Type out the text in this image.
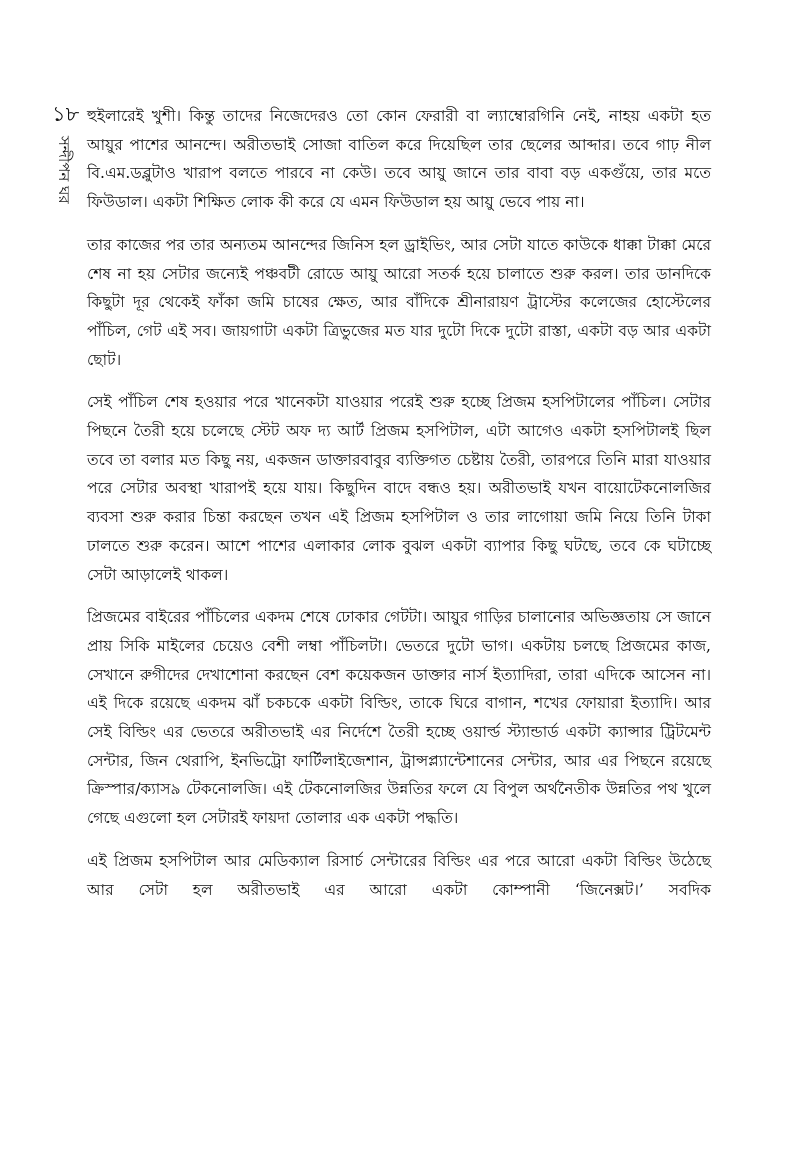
১৮
সন্দীপন ঘর

হুইলারেই খুশী। কিন্তু তাদের নিজেদেরও তো কোন ফেরারী বা ল্যাম্বোরগিনি নেই, নাহয় একটা হত আয়ুর পাশের আনন্দে। অরীতভাই সোজা বাতিল করে দিয়েছিল তার ছেলের আব্দার। তবে গাঢ় নীল বি.এম.ডব্লুটাও খারাপ বলতে পারবে না কেউ। তবে আয়ু জানে তার বাবা বড় একগুঁয়ে, তার মতে ফিউডাল। একটা শিক্ষিত লোক কী করে যে এমন ফিউডাল হয় আয়ু ভেবে পায় না।

তার কাজের পর তার অন্যতম আনন্দের জিনিস হল ড্রাইভিং, আর সেটা যাতে কাউকে ধাক্কা টাক্কা মেরে শেষ না হয় সেটার জন্যেই পঞ্চবটী রোডে আয়ু আরো সতর্ক হয়ে চালাতে শুরু করল। তার ডানদিকে কিছুটা দূর থেকেই ফাঁকা জমি চাষের ক্ষেত, আর বাঁদিকে শ্রীনারায়ণ ট্রাস্টের কলেজের হোস্টেলের পাঁচিল, গেট এই সব। জায়গাটা একটা ত্রিভুজের মত যার দুটো দিকে দুটো রাস্তা, একটা বড় আর একটা ছোট।

সেই পাঁচিল শেষ হওয়ার পরে খানেকটা যাওয়ার পরেই শুরু হচ্ছে প্রিজম হসপিটালের পাঁচিল। সেটার পিছনে তৈরী হয়ে চলেছে স্টেট অফ দ্য আর্ট প্রিজম হসপিটাল, এটা আগেও একটা হসপিটালই ছিল তবে তা বলার মত কিছু নয়, একজন ডাক্তারবাবুর ব্যক্তিগত চেষ্টায় তৈরী, তারপরে তিনি মারা যাওয়ার পরে সেটার অবস্থা খারাপই হয়ে যায়। কিছুদিন বাদে বন্ধও হয়। অরীতভাই যখন বায়োটেকনোলজির ব্যবসা শুরু করার চিন্তা করছেন তখন এই প্রিজম হসপিটাল ও তার লাগোয়া জমি নিয়ে তিনি টাকা ঢালতে শুরু করেন। আশে পাশের এলাকার লোক বুঝল একটা ব্যাপার কিছু ঘটছে, তবে কে ঘটাচ্ছে সেটা আড়ালেই থাকল।

প্রিজমের বাইরের পাঁচিলের একদম শেষে ঢোকার গেটটা। আয়ুর গাড়ির চালানোর অভিজ্ঞতায় সে জানে প্রায় সিকি মাইলের চেয়েও বেশী লম্বা পাঁচিলটা। ভেতরে দুটো ভাগ। একটায় চলছে প্রিজমের কাজ, সেখানে রুগীদের দেখাশোনা করছেন বেশ কয়েকজন ডাক্তার নার্স ইত্যাদিরা, তারা এদিকে আসেন না। এই দিকে রয়েছে একদম ঝাঁ চকচকে একটা বিল্ডিং, তাকে ঘিরে বাগান, শখের ফোয়ারা ইত্যাদি। আর সেই বিল্ডিং এর ভেতরে অরীতভাই এর নির্দেশে তৈরী হচ্ছে ওয়ার্ল্ড স্ট্যান্ডার্ড একটা ক্যান্সার ট্রিটমেন্ট সেন্টার, জিন থেরাপি, ইনভিট্রো ফার্টিলাইজেশান, ট্রান্সপ্ল্যান্টেশানের সেন্টার, আর এর পিছনে রয়েছে ক্রিস্পার/ক্যাস৯ টেকনোলজি। এই টেকনোলজির উন্নতির ফলে যে বিপুল অর্থনৈতীক উন্নতির পথ খুলে গেছে এগুলো হল সেটারই ফায়দা তোলার এক একটা পদ্ধতি।

এই প্রিজম হসপিটাল আর মেডিক্যাল রিসার্চ সেন্টারের বিল্ডিং এর পরে আরো একটা বিল্ডিং উঠেছে আর সেটা হল অরীতভাই এর আরো একটা কোম্পানী ‘জিনেক্সট।’ সবদিক
